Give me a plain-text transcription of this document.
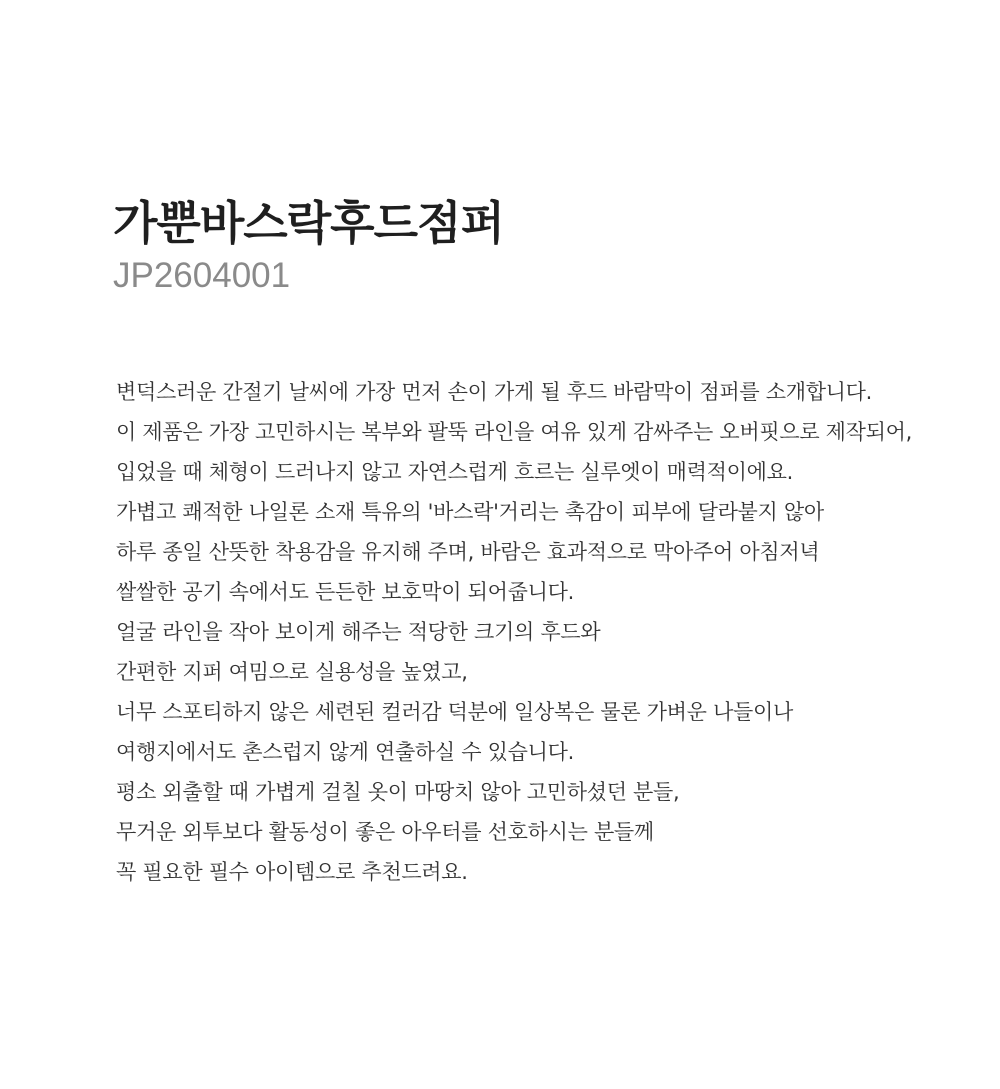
가뿐바스락후드점퍼

JP2604001

변덕스러운 간절기 날씨에 가장 먼저 손이 가게 될 후드 바람막이 점퍼를 소개합니다.
이 제품은 가장 고민하시는 복부와 팔뚝 라인을 여유 있게 감싸주는 오버핏으로 제작되어,
입었을 때 체형이 드러나지 않고 자연스럽게 흐르는 실루엣이 매력적이에요.
가볍고 쾌적한 나일론 소재 특유의 '바스락'거리는 촉감이 피부에 달라붙지 않아
하루 종일 산뜻한 착용감을 유지해 주며, 바람은 효과적으로 막아주어 아침저녁
쌀쌀한 공기 속에서도 든든한 보호막이 되어줍니다.
얼굴 라인을 작아 보이게 해주는 적당한 크기의 후드와
간편한 지퍼 여밈으로 실용성을 높였고,
너무 스포티하지 않은 세련된 컬러감 덕분에 일상복은 물론 가벼운 나들이나
여행지에서도 촌스럽지 않게 연출하실 수 있습니다.
평소 외출할 때 가볍게 걸칠 옷이 마땅치 않아 고민하셨던 분들,
무거운 외투보다 활동성이 좋은 아우터를 선호하시는 분들께
꼭 필요한 필수 아이템으로 추천드려요.
